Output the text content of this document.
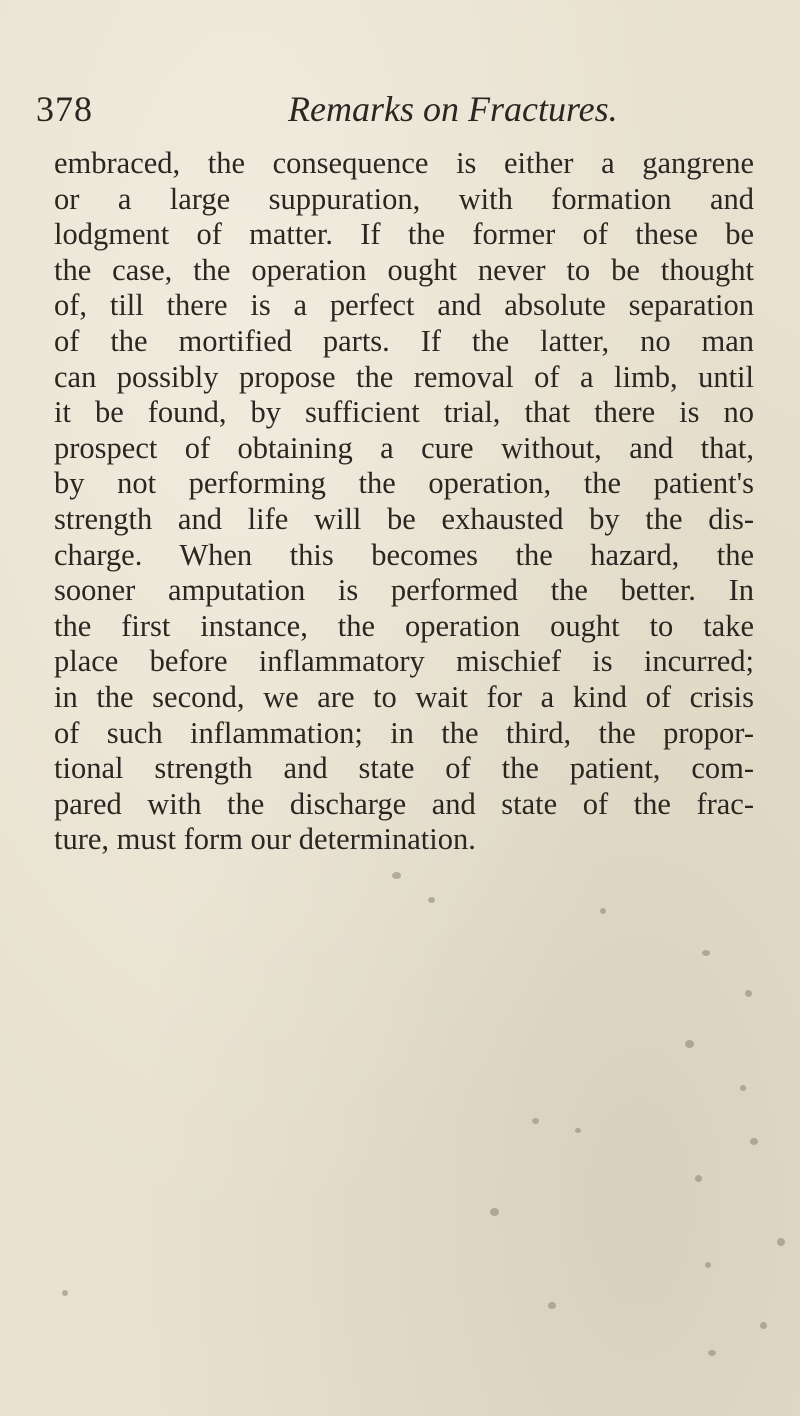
378	Remarks on Fractures.
embraced, the consequence is either a gangrene
or a large suppuration, with formation and
lodgment of matter. If the former of these be
the case, the operation ought never to be thought
of, till there is a perfect and absolute separation
of the mortified parts. If the latter, no man
can possibly propose the removal of a limb, until
it be found, by sufficient trial, that there is no
prospect of obtaining a cure without, and that,
by not performing the operation, the patient's
strength and life will be exhausted by the dis-
charge. When this becomes the hazard, the
sooner amputation is performed the better. In
the first instance, the operation ought to take
place before inflammatory mischief is incurred;
in the second, we are to wait for a kind of crisis
of such inflammation; in the third, the propor-
tional strength and state of the patient, com-
pared with the discharge and state of the frac-
ture, must form our determination.
